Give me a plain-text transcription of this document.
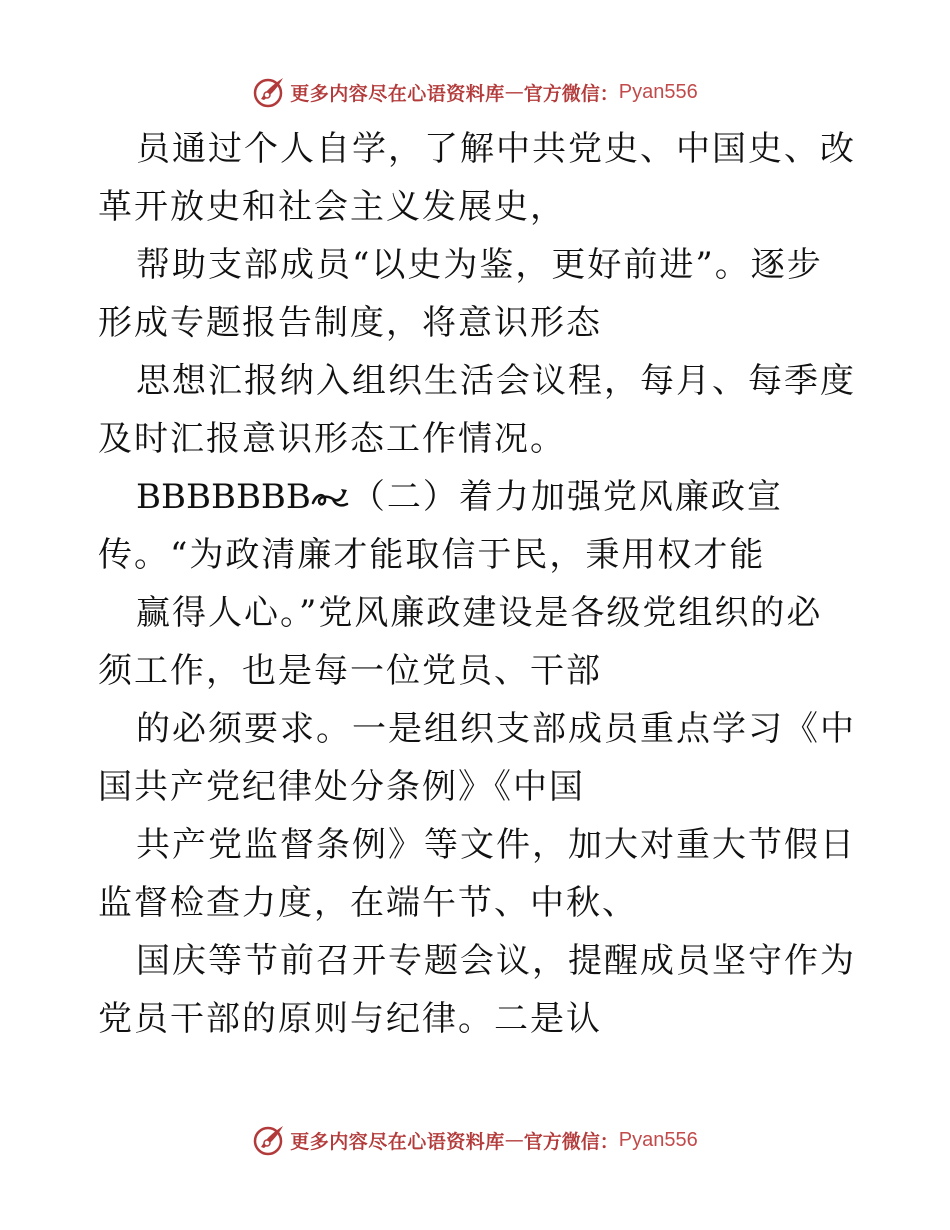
更多内容尽在心语资料库 — 官方微信： Pyan556

员通过个人自学，了解中共党史、中国史、改革开放史和社会主义发展史，

帮助支部成员“以史为鉴，更好前进”。逐步形成专题报告制度，将意识形态

思想汇报纳入组织生活会议程，每月、每季度及时汇报意识形态工作情况。

BBBBBBB （二）着力加强党风廉政宣传。“为政清廉才能取信于民，秉用权才能

赢得人心。”党风廉政建设是各级党组织的必须工作，也是每一位党员、干部

的必须要求。一是组织支部成员重点学习《中国共产党纪律处分条例》《中国

共产党监督条例》等文件，加大对重大节假日监督检查力度，在端午节、中秋、

国庆等节前召开专题会议，提醒成员坚守作为党员干部的原则与纪律。二是认

更多内容尽在心语资料库 — 官方微信： Pyan556
